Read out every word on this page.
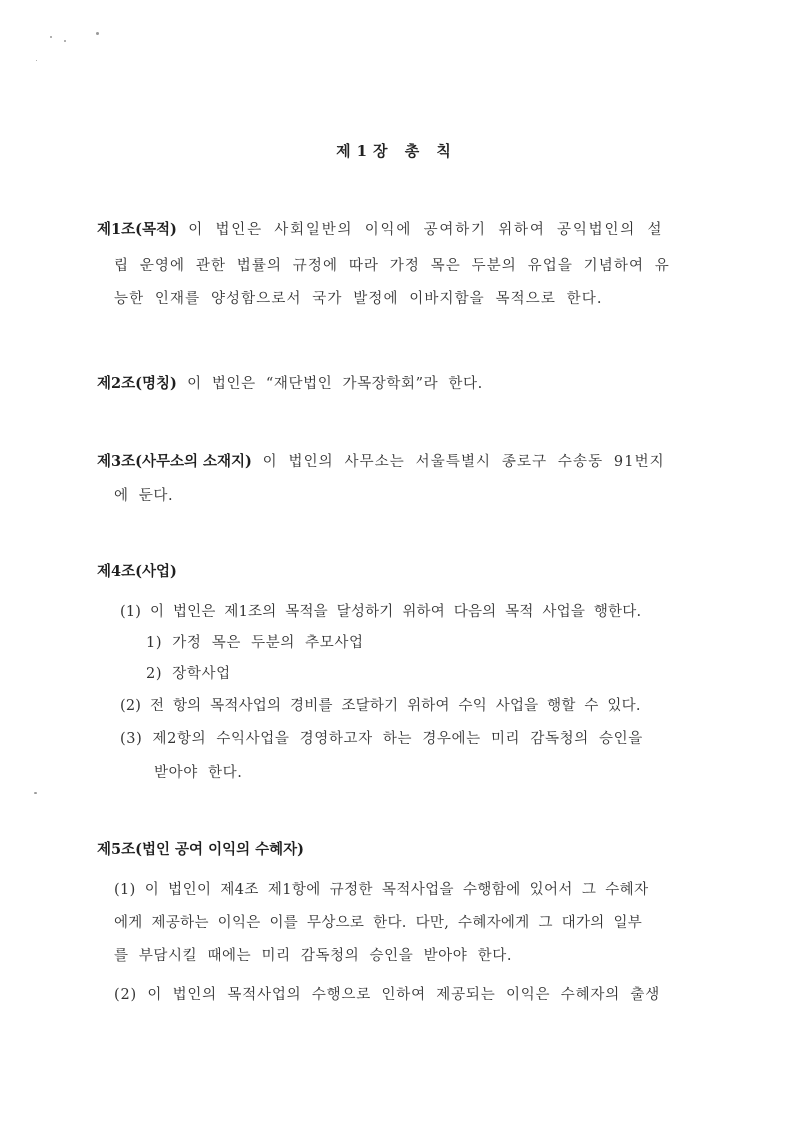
제1장 총 칙
제1조(목적) 이 법인은 사회일반의 이익에 공여하기 위하여 공익법인의 설
립 운영에 관한 법률의 규정에 따라 가정 목은 두분의 유업을 기념하여 유
능한 인재를 양성함으로서 국가 발정에 이바지함을 목적으로 한다.
제2조(명칭) 이 법인은 “재단법인 가목장학회”라 한다.
제3조(사무소의 소재지) 이 법인의 사무소는 서울특별시 종로구 수송동 91번지
에 둔다.
제4조(사업)
(1) 이 법인은 제1조의 목적을 달성하기 위하여 다음의 목적 사업을 행한다.
1) 가정 목은 두분의 추모사업
2) 장학사업
(2) 전 항의 목적사업의 경비를 조달하기 위하여 수익 사업을 행할 수 있다.
(3) 제2항의 수익사업을 경영하고자 하는 경우에는 미리 감독청의 승인을
받아야 한다.
제5조(법인 공여 이익의 수혜자)
(1) 이 법인이 제4조 제1항에 규정한 목적사업을 수행함에 있어서 그 수혜자
에게 제공하는 이익은 이를 무상으로 한다. 다만, 수혜자에게 그 대가의 일부
를 부담시킬 때에는 미리 감독청의 승인을 받아야 한다.
(2) 이 법인의 목적사업의 수행으로 인하여 제공되는 이익은 수혜자의 출생
